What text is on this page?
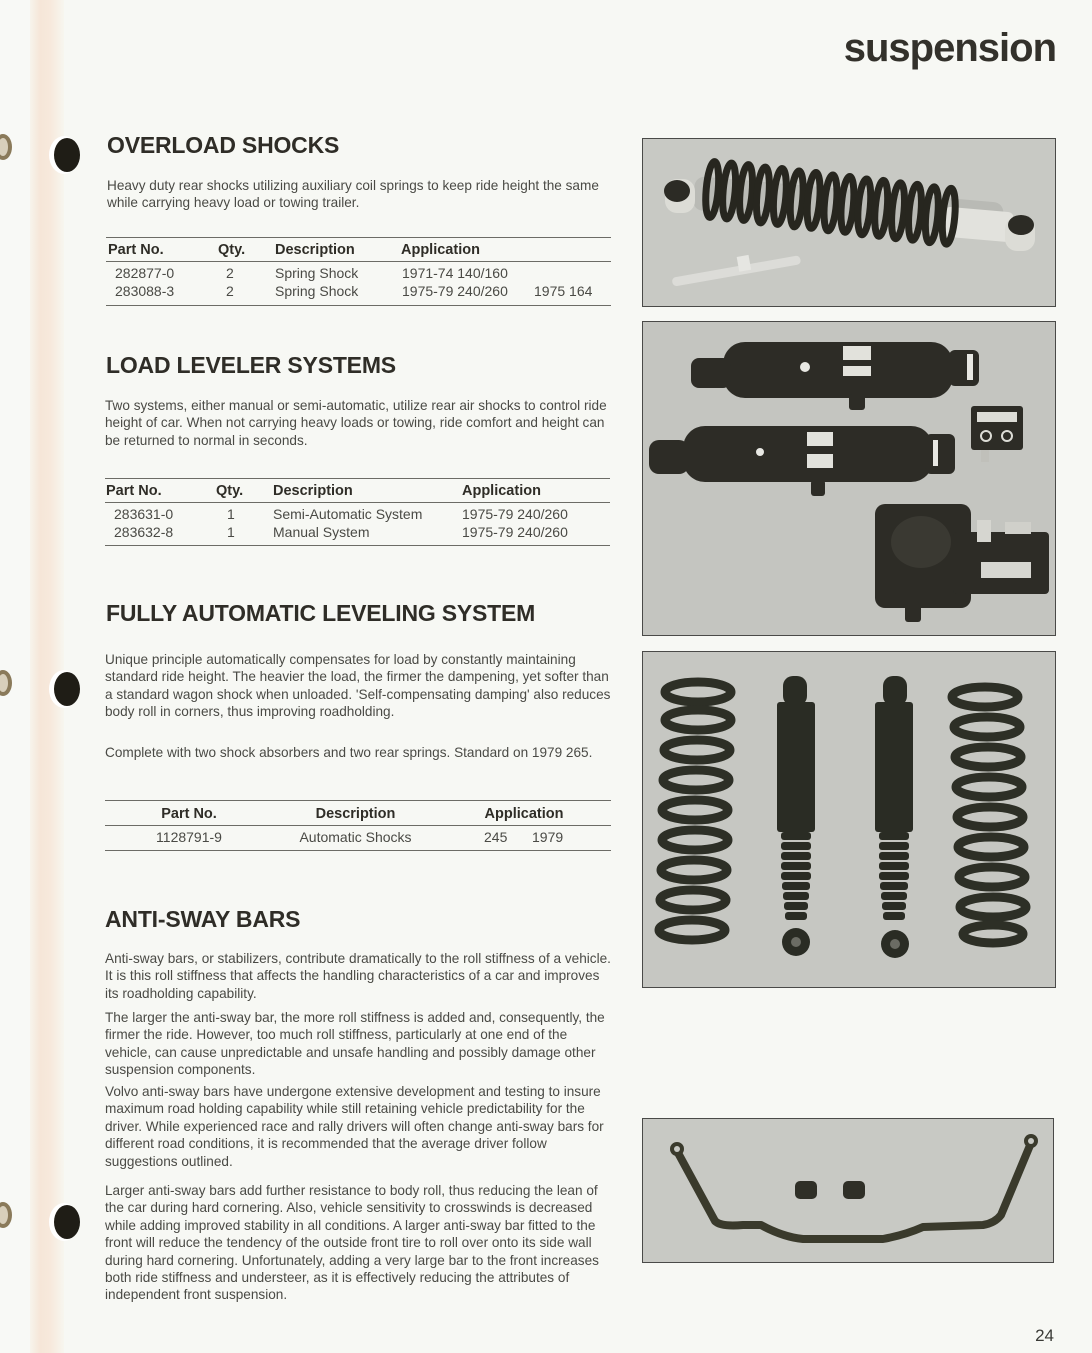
suspension
OVERLOAD SHOCKS
Heavy duty rear shocks utilizing auxiliary coil springs to keep ride height the same while carrying heavy load or towing trailer.
Part No.	Qty.	Description	Application
282877-0	2	Spring Shock	1971-74 140/160
283088-3	2	Spring Shock	1975-79 240/260	1975 164
LOAD LEVELER SYSTEMS
Two systems, either manual or semi-automatic, utilize rear air shocks to control ride height of car. When not carrying heavy loads or towing, ride comfort and height can be returned to normal in seconds.
Part No.	Qty.	Description	Application
283631-0	1	Semi-Automatic System	1975-79 240/260
283632-8	1	Manual System	1975-79 240/260
FULLY AUTOMATIC LEVELING SYSTEM
Unique principle automatically compensates for load by constantly maintaining standard ride height. The heavier the load, the firmer the dampening, yet softer than a standard wagon shock when unloaded. 'Self-compensating damping' also reduces body roll in corners, thus improving roadholding.
Complete with two shock absorbers and two rear springs. Standard on 1979 265.
Part No.	Description	Application
1128791-9	Automatic Shocks	245	1979
ANTI-SWAY BARS
Anti-sway bars, or stabilizers, contribute dramatically to the roll stiffness of a vehicle. It is this roll stiffness that affects the handling characteristics of a car and improves its roadholding capability.
The larger the anti-sway bar, the more roll stiffness is added and, consequently, the firmer the ride. However, too much roll stiffness, particularly at one end of the vehicle, can cause unpredictable and unsafe handling and possibly damage other suspension components.
Volvo anti-sway bars have undergone extensive development and testing to insure maximum road holding capability while still retaining vehicle predictability for the driver. While experienced race and rally drivers will often change anti-sway bars for different road conditions, it is recommended that the average driver follow suggestions outlined.
Larger anti-sway bars add further resistance to body roll, thus reducing the lean of the car during hard cornering. Also, vehicle sensitivity to crosswinds is decreased while adding improved stability in all conditions. A larger anti-sway bar fitted to the front will reduce the tendency of the outside front tire to roll over onto its side wall during hard cornering. Unfortunately, adding a very large bar to the front increases both ride stiffness and understeer, as it is effectively reducing the attributes of independent front suspension.
24
